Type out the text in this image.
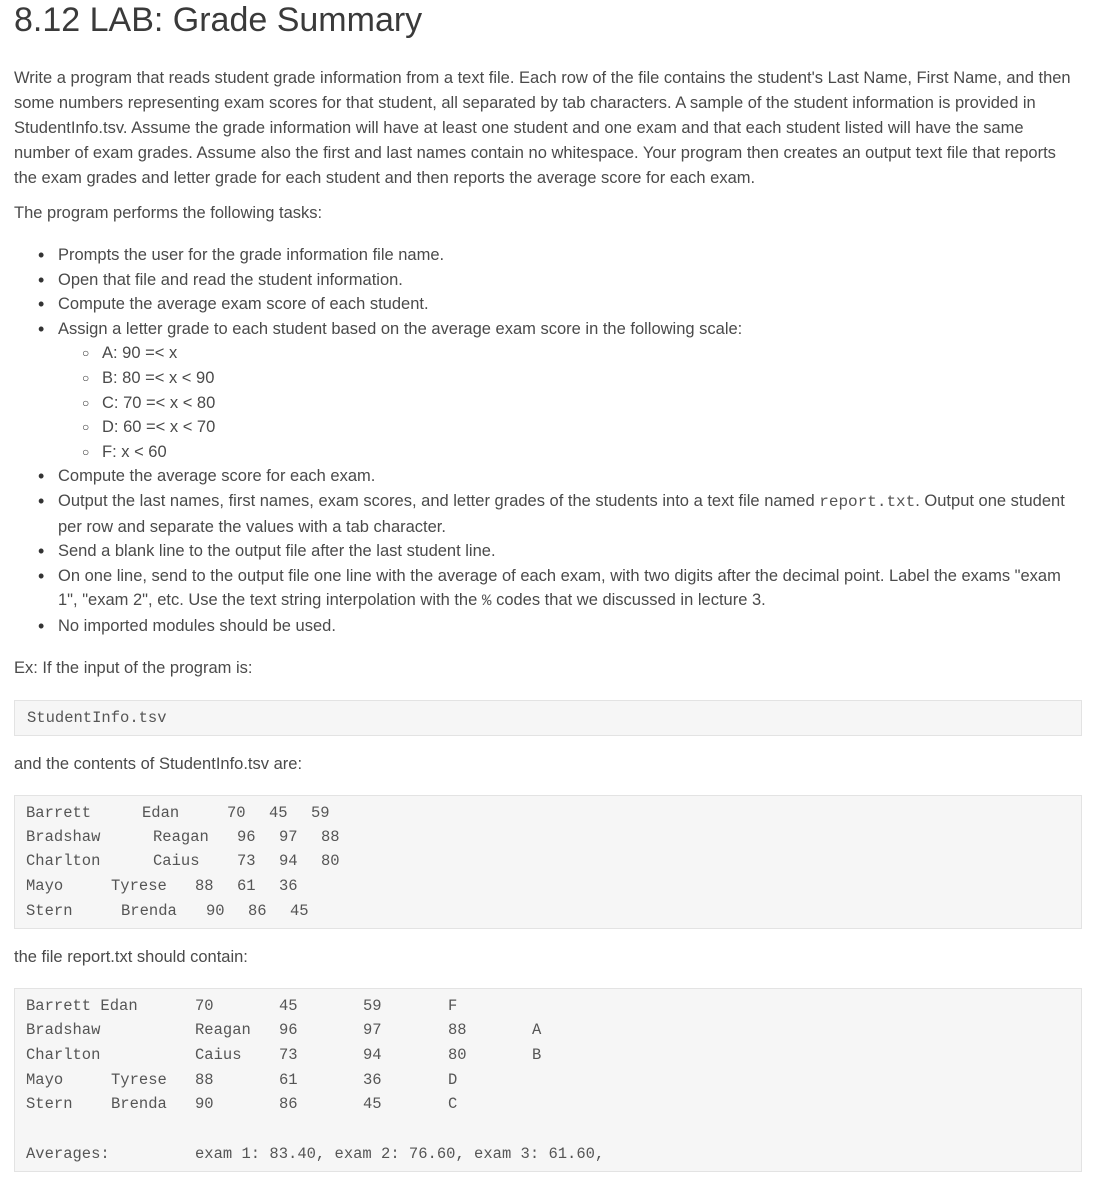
8.12 LAB: Grade Summary

Write a program that reads student grade information from a text file. Each row of the file contains the student's Last Name, First Name, and then some numbers representing exam scores for that student, all separated by tab characters. A sample of the student information is provided in StudentInfo.tsv. Assume the grade information will have at least one student and one exam and that each student listed will have the same number of exam grades. Assume also the first and last names contain no whitespace. Your program then creates an output text file that reports the exam grades and letter grade for each student and then reports the average score for each exam.

The program performs the following tasks:

• Prompts the user for the grade information file name.
• Open that file and read the student information.
• Compute the average exam score of each student.
• Assign a letter grade to each student based on the average exam score in the following scale:
○ A: 90 =< x
○ B: 80 =< x < 90
○ C: 70 =< x < 80
○ D: 60 =< x < 70
○ F: x < 60
• Compute the average score for each exam.
• Output the last names, first names, exam scores, and letter grades of the students into a text file named report.txt. Output one student per row and separate the values with a tab character.
• Send a blank line to the output file after the last student line.
• On one line, send to the output file one line with the average of each exam, with two digits after the decimal point. Label the exams "exam 1", "exam 2", etc. Use the text string interpolation with the % codes that we discussed in lecture 3.
• No imported modules should be used.

Ex: If the input of the program is:

StudentInfo.tsv

and the contents of StudentInfo.tsv are:

Barrett	Edan	70 45 59
Bradshaw	Reagan 96 97 88
Charlton	Caius 73 94 80
Mayo	Tyrese 88 61 36
Stern	Brenda 90 86 45

the file report.txt should contain:

Barrett Edan	70	45	59	F
Bradshaw	Reagan 96	97	88	A
Charlton	Caius 73	94	80	B
Mayo	Tyrese 88	61	36	D
Stern Brenda 90	86	45	C
Averages:	exam 1: 83.40, exam 2: 76.60, exam 3: 61.60,
